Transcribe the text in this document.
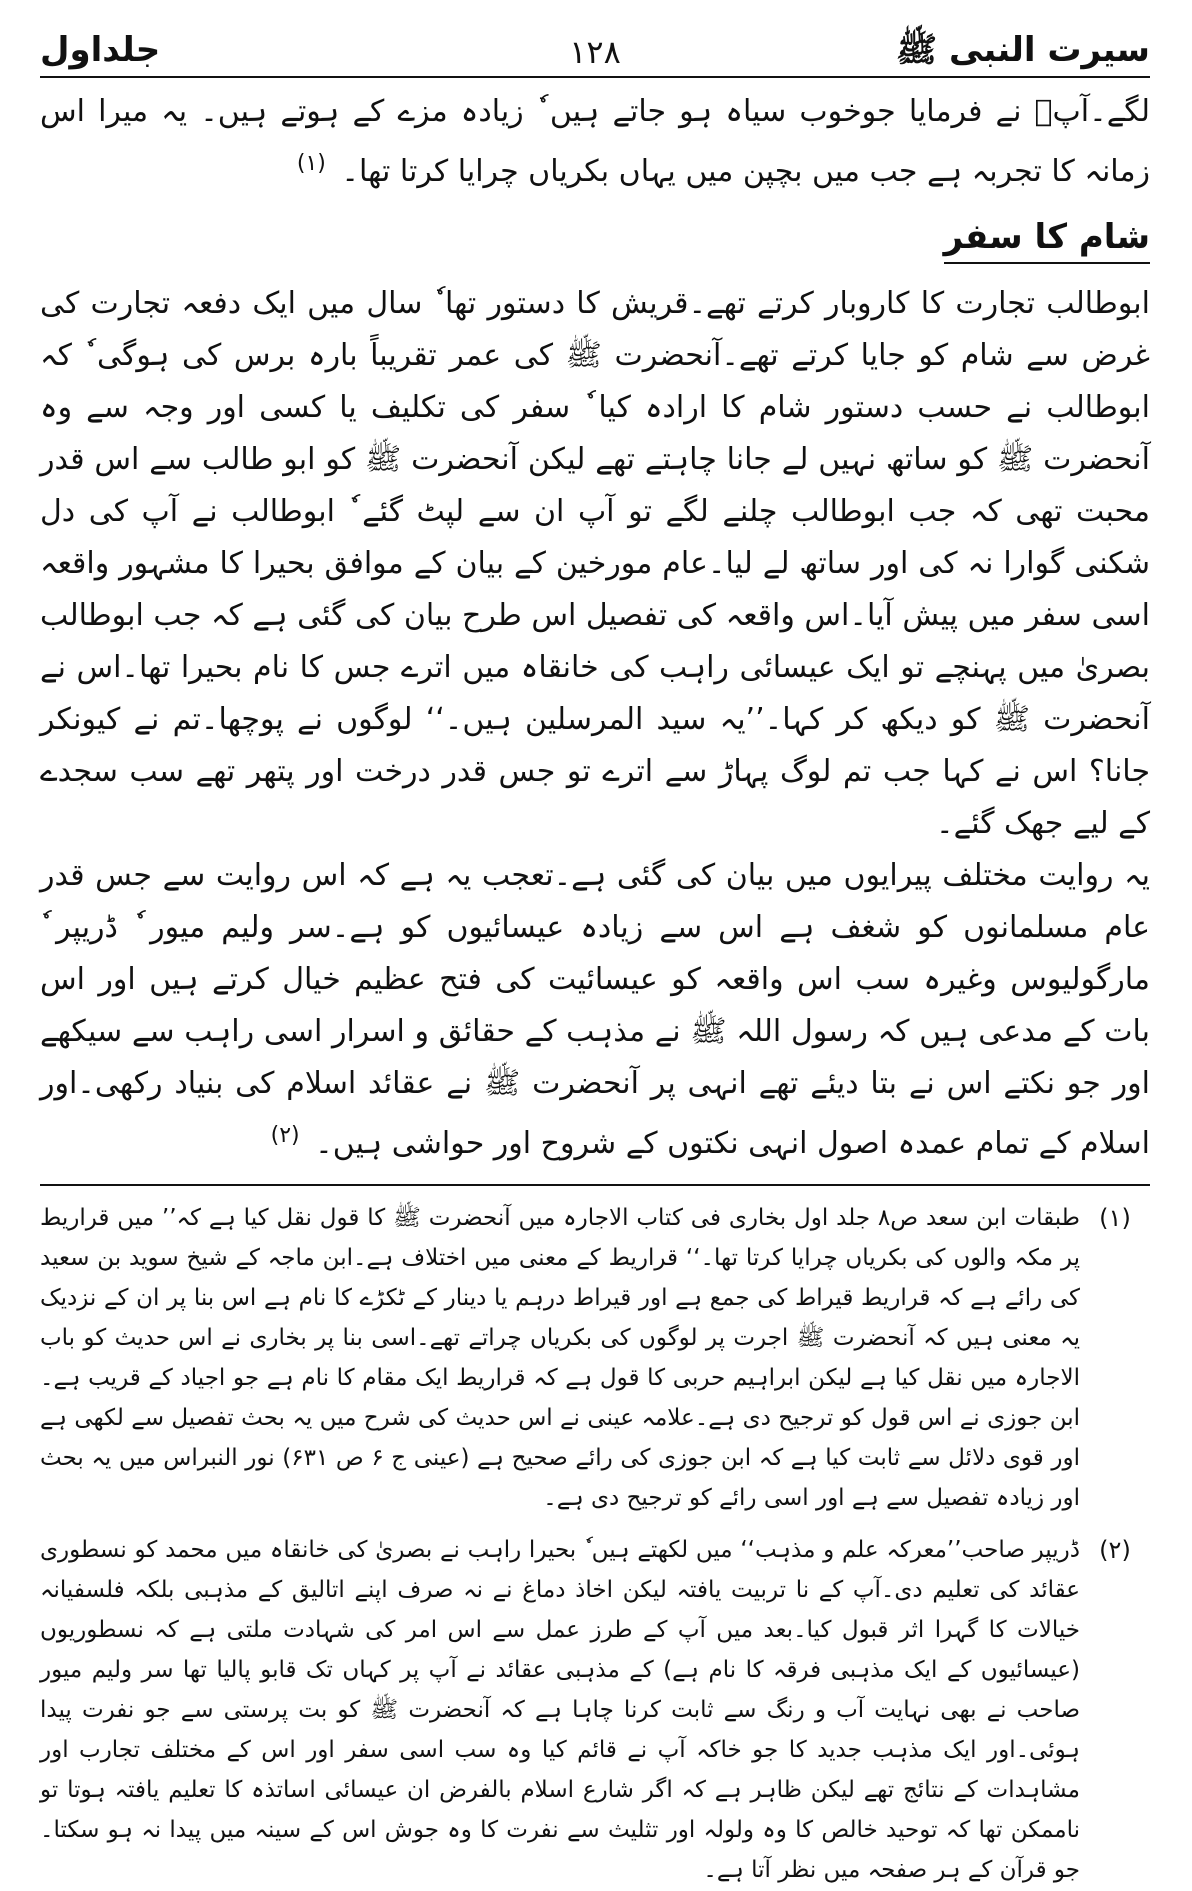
سیرت النبی ﷺ
۱۲۸
جلداول

لگے۔آپؐ نے فرمایا جوخوب سیاہ ہو جاتے ہیں ٗ زیادہ مزے کے ہوتے ہیں۔ یہ میرا اس زمانہ کا تجربہ ہے جب میں بچپن میں یہاں بکریاں چرایا کرتا تھا۔ $^{(۱)}$

شام کا سفر

ابوطالب تجارت کا کاروبار کرتے تھے۔قریش کا دستور تھا ٗ سال میں ایک دفعہ تجارت کی غرض سے شام کو جایا کرتے تھے۔آنحضرت ﷺ کی عمر تقریباً بارہ برس کی ہوگی ٗ کہ ابوطالب نے حسب دستور شام کا ارادہ کیا ٗ سفر کی تکلیف یا کسی اور وجہ سے وہ آنحضرت ﷺ کو ساتھ نہیں لے جانا چاہتے تھے لیکن آنحضرت ﷺ کو ابو طالب سے اس قدر محبت تھی کہ جب ابوطالب چلنے لگے تو آپ ان سے لپٹ گئے ٗ ابوطالب نے آپ کی دل شکنی گوارا نہ کی اور ساتھ لے لیا۔عام مورخین کے بیان کے موافق بحیرا کا مشہور واقعہ اسی سفر میں پیش آیا۔اس واقعہ کی تفصیل اس طرح بیان کی گئی ہے کہ جب ابوطالب بصریٰ میں پہنچے تو ایک عیسائی راہب کی خانقاہ میں اترے جس کا نام بحیرا تھا۔اس نے آنحضرت ﷺ کو دیکھ کر کہا۔’’یہ سید المرسلین ہیں۔‘‘ لوگوں نے پوچھا۔تم نے کیونکر جانا؟ اس نے کہا جب تم لوگ پہاڑ سے اترے تو جس قدر درخت اور پتھر تھے سب سجدے کے لیے جھک گئے۔

یہ روایت مختلف پیرایوں میں بیان کی گئی ہے۔تعجب یہ ہے کہ اس روایت سے جس قدر عام مسلمانوں کو شغف ہے اس سے زیادہ عیسائیوں کو ہے۔سر ولیم میور ٗ ڈریپر ٗ مارگولیوس وغیرہ سب اس واقعہ کو عیسائیت کی فتح عظیم خیال کرتے ہیں اور اس بات کے مدعی ہیں کہ رسول اللہ ﷺ نے مذہب کے حقائق و اسرار اسی راہب سے سیکھے اور جو نکتے اس نے بتا دیئے تھے انہی پر آنحضرت ﷺ نے عقائد اسلام کی بنیاد رکھی۔اور اسلام کے تمام عمدہ اصول انہی نکتوں کے شروح اور حواشی ہیں۔ $^{(۲)}$

(۱)
طبقات ابن سعد ص۸ جلد اول بخاری فی کتاب الاجارہ میں آنحضرت ﷺ کا قول نقل کیا ہے کہ’’ میں قراریط پر مکہ والوں کی بکریاں چرایا کرتا تھا۔‘‘ قراریط کے معنی میں اختلاف ہے۔ابن ماجہ کے شیخ سوید بن سعید کی رائے ہے کہ قراریط قیراط کی جمع ہے اور قیراط درہم یا دینار کے ٹکڑے کا نام ہے اس بنا پر ان کے نزدیک یہ معنی ہیں کہ آنحضرت ﷺ اجرت پر لوگوں کی بکریاں چراتے تھے۔اسی بنا پر بخاری نے اس حدیث کو باب الاجارہ میں نقل کیا ہے لیکن ابراہیم حربی کا قول ہے کہ قراریط ایک مقام کا نام ہے جو اجیاد کے قریب ہے۔ابن جوزی نے اس قول کو ترجیح دی ہے۔علامہ عینی نے اس حدیث کی شرح میں یہ بحث تفصیل سے لکھی ہے اور قوی دلائل سے ثابت کیا ہے کہ ابن جوزی کی رائے صحیح ہے (عینی ج ۶ ص ۶۳۱) نور النبراس میں یہ بحث اور زیادہ تفصیل سے ہے اور اسی رائے کو ترجیح دی ہے۔
(۲)
ڈریپر صاحب’’معرکہ علم و مذہب‘‘ میں لکھتے ہیں ٗ بحیرا راہب نے بصریٰ کی خانقاہ میں محمد کو نسطوری عقائد کی تعلیم دی۔آپ کے نا تربیت یافتہ لیکن اخاذ دماغ نے نہ صرف اپنے اتالیق کے مذہبی بلکہ فلسفیانہ خیالات کا گہرا اثر قبول کیا۔بعد میں آپ کے طرز عمل سے اس امر کی شہادت ملتی ہے کہ نسطوریوں (عیسائیوں کے ایک مذہبی فرقہ کا نام ہے) کے مذہبی عقائد نے آپ پر کہاں تک قابو پالیا تھا سر ولیم میور صاحب نے بھی نہایت آب و رنگ سے ثابت کرنا چاہا ہے کہ آنحضرت ﷺ کو بت پرستی سے جو نفرت پیدا ہوئی۔اور ایک مذہب جدید کا جو خاکہ آپ نے قائم کیا وہ سب اسی سفر اور اس کے مختلف تجارب اور مشاہدات کے نتائج تھے لیکن ظاہر ہے کہ اگر شارع اسلام بالفرض ان عیسائی اساتذہ کا تعلیم یافتہ ہوتا تو ناممکن تھا کہ توحید خالص کا وہ ولولہ اور تثلیث سے نفرت کا وہ جوش اس کے سینہ میں پیدا نہ ہو سکتا۔جو قرآن کے ہر صفحہ میں نظر آتا ہے۔
